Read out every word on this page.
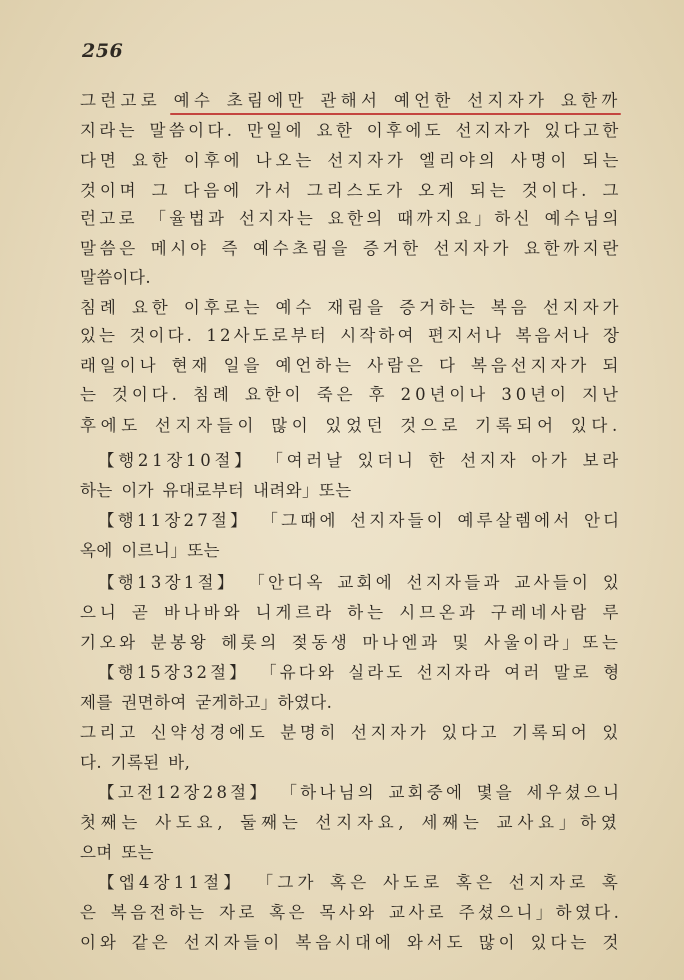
256
그런고로 예수 초림에만 관해서 예언한 선지자가 요한까
지라는 말씀이다. 만일에 요한 이후에도 선지자가 있다고한
다면 요한 이후에 나오는 선지자가 엘리야의 사명이 되는
것이며 그 다음에 가서 그리스도가 오게 되는 것이다. 그
런고로 「율법과 선지자는 요한의 때까지요」하신 예수님의
말씀은 메시야 즉 예수초림을 증거한 선지자가 요한까지란
말씀이다.
침례 요한 이후로는 예수 재림을 증거하는 복음 선지자가
있는 것이다. 12사도로부터 시작하여 편지서나 복음서나 장
래일이나 현재 일을 예언하는 사람은 다 복음선지자가 되
는 것이다. 침례 요한이 죽은 후 20년이나 30년이 지난
후에도 선지자들이 많이 있었던 것으로 기록되어 있다.
【행21장10절】 「여러날 있더니 한 선지자 아가 보라
하는 이가 유대로부터 내려와」또는
【행11장27절】 「그때에 선지자들이 예루살렘에서 안디
옥에 이르니」또는
【행13장1절】 「안디옥 교회에 선지자들과 교사들이 있
으니 곧 바나바와 니게르라 하는 시므온과 구레네사람 루
기오와 분봉왕 헤롯의 젖동생 마나엔과 및 사울이라」또는
【행15장32절】 「유다와 실라도 선지자라 여러 말로 형
제를 권면하여 굳게하고」하였다.
그리고 신약성경에도 분명히 선지자가 있다고 기록되어 있
다. 기록된 바,
【고전12장28절】 「하나님의 교회중에 몇을 세우셨으니
첫째는 사도요, 둘째는 선지자요, 세째는 교사요」하였
으며 또는
【엡4장11절】 「그가 혹은 사도로 혹은 선지자로 혹
은 복음전하는 자로 혹은 목사와 교사로 주셨으니」하였다.
이와 같은 선지자들이 복음시대에 와서도 많이 있다는 것
